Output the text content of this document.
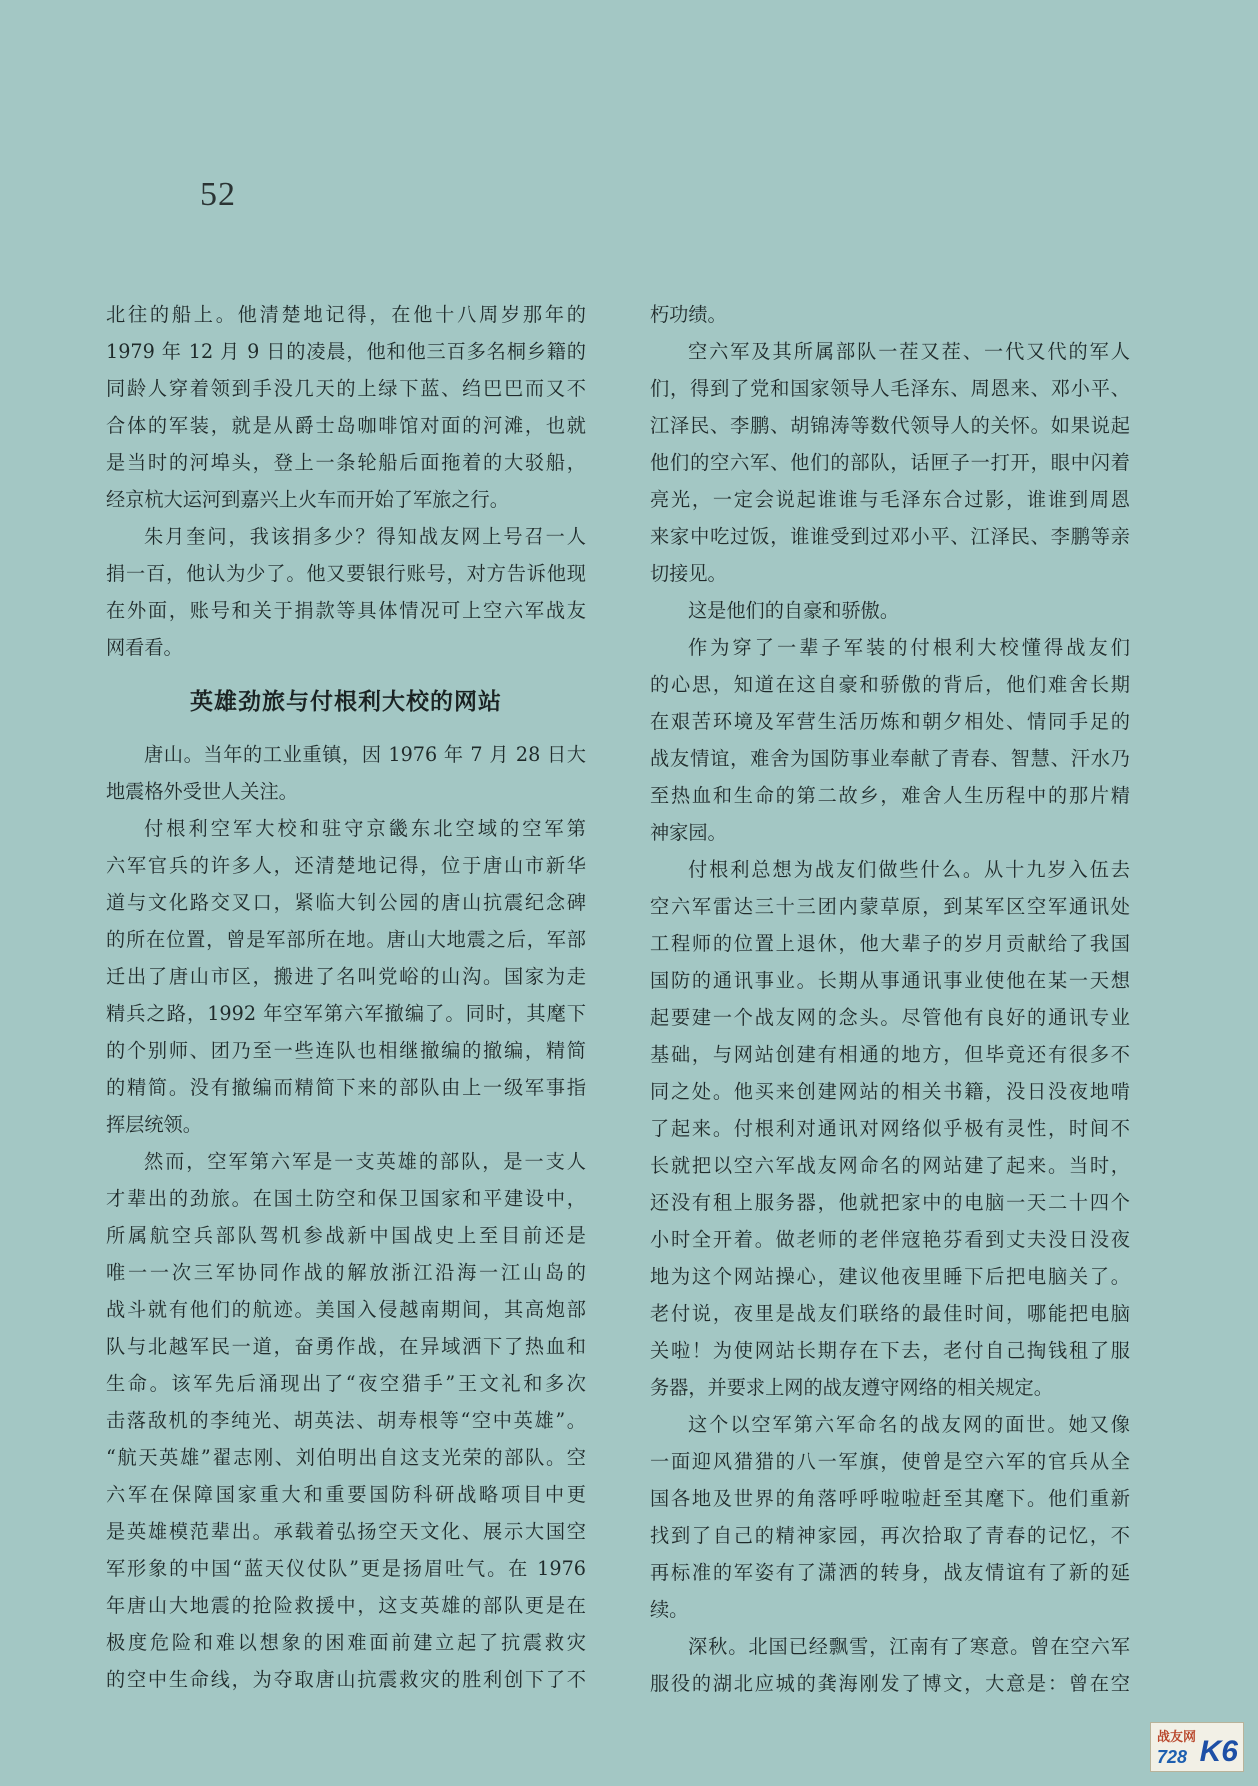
52
北往的船上。他清楚地记得，在他十八周岁那年的
1979 年 12 月 9 日的凌晨，他和他三百多名桐乡籍的
同龄人穿着领到手没几天的上绿下蓝、绉巴巴而又不
合体的军装，就是从爵士岛咖啡馆对面的河滩，也就
是当时的河埠头，登上一条轮船后面拖着的大驳船，
经京杭大运河到嘉兴上火车而开始了军旅之行。
朱月奎问，我该捐多少？得知战友网上号召一人
捐一百，他认为少了。他又要银行账号，对方告诉他现
在外面，账号和关于捐款等具体情况可上空六军战友
网看看。
英雄劲旅与付根利大校的网站
唐山。当年的工业重镇，因 1976 年 7 月 28 日大
地震格外受世人关注。
付根利空军大校和驻守京畿东北空域的空军第
六军官兵的许多人，还清楚地记得，位于唐山市新华
道与文化路交叉口，紧临大钊公园的唐山抗震纪念碑
的所在位置，曾是军部所在地。唐山大地震之后，军部
迁出了唐山市区，搬进了名叫党峪的山沟。国家为走
精兵之路，1992 年空军第六军撤编了。同时，其麾下
的个别师、团乃至一些连队也相继撤编的撤编，精简
的精简。没有撤编而精简下来的部队由上一级军事指
挥层统领。
然而，空军第六军是一支英雄的部队，是一支人
才辈出的劲旅。在国土防空和保卫国家和平建设中，
所属航空兵部队驾机参战新中国战史上至目前还是
唯一一次三军协同作战的解放浙江沿海一江山岛的
战斗就有他们的航迹。美国入侵越南期间，其高炮部
队与北越军民一道，奋勇作战，在异域洒下了热血和
生命。该军先后涌现出了“夜空猎手”王文礼和多次
击落敌机的李纯光、胡英法、胡寿根等“空中英雄”。
“航天英雄”翟志刚、刘伯明出自这支光荣的部队。空
六军在保障国家重大和重要国防科研战略项目中更
是英雄模范辈出。承载着弘扬空天文化、展示大国空
军形象的中国“蓝天仪仗队”更是扬眉吐气。在 1976
年唐山大地震的抢险救援中，这支英雄的部队更是在
极度危险和难以想象的困难面前建立起了抗震救灾
的空中生命线，为夺取唐山抗震救灾的胜利创下了不
朽功绩。
空六军及其所属部队一茬又茬、一代又代的军人
们，得到了党和国家领导人毛泽东、周恩来、邓小平、
江泽民、李鹏、胡锦涛等数代领导人的关怀。如果说起
他们的空六军、他们的部队，话匣子一打开，眼中闪着
亮光，一定会说起谁谁与毛泽东合过影，谁谁到周恩
来家中吃过饭，谁谁受到过邓小平、江泽民、李鹏等亲
切接见。
这是他们的自豪和骄傲。
作为穿了一辈子军装的付根利大校懂得战友们
的心思，知道在这自豪和骄傲的背后，他们难舍长期
在艰苦环境及军营生活历炼和朝夕相处、情同手足的
战友情谊，难舍为国防事业奉献了青春、智慧、汗水乃
至热血和生命的第二故乡，难舍人生历程中的那片精
神家园。
付根利总想为战友们做些什么。从十九岁入伍去
空六军雷达三十三团内蒙草原，到某军区空军通讯处
工程师的位置上退休，他大辈子的岁月贡献给了我国
国防的通讯事业。长期从事通讯事业使他在某一天想
起要建一个战友网的念头。尽管他有良好的通讯专业
基础，与网站创建有相通的地方，但毕竟还有很多不
同之处。他买来创建网站的相关书籍，没日没夜地啃
了起来。付根利对通讯对网络似乎极有灵性，时间不
长就把以空六军战友网命名的网站建了起来。当时，
还没有租上服务器，他就把家中的电脑一天二十四个
小时全开着。做老师的老伴寇艳芬看到丈夫没日没夜
地为这个网站操心，建议他夜里睡下后把电脑关了。
老付说，夜里是战友们联络的最佳时间，哪能把电脑
关啦！为使网站长期存在下去，老付自己掏钱租了服
务器，并要求上网的战友遵守网络的相关规定。
这个以空军第六军命名的战友网的面世。她又像
一面迎风猎猎的八一军旗，使曾是空六军的官兵从全
国各地及世界的角落呼呼啦啦赶至其麾下。他们重新
找到了自己的精神家园，再次拾取了青春的记忆，不
再标准的军姿有了潇洒的转身，战友情谊有了新的延
续。
深秋。北国已经飘雪，江南有了寒意。曾在空六军
服役的湖北应城的龚海刚发了博文，大意是：曾在空
战友网
728 K6
